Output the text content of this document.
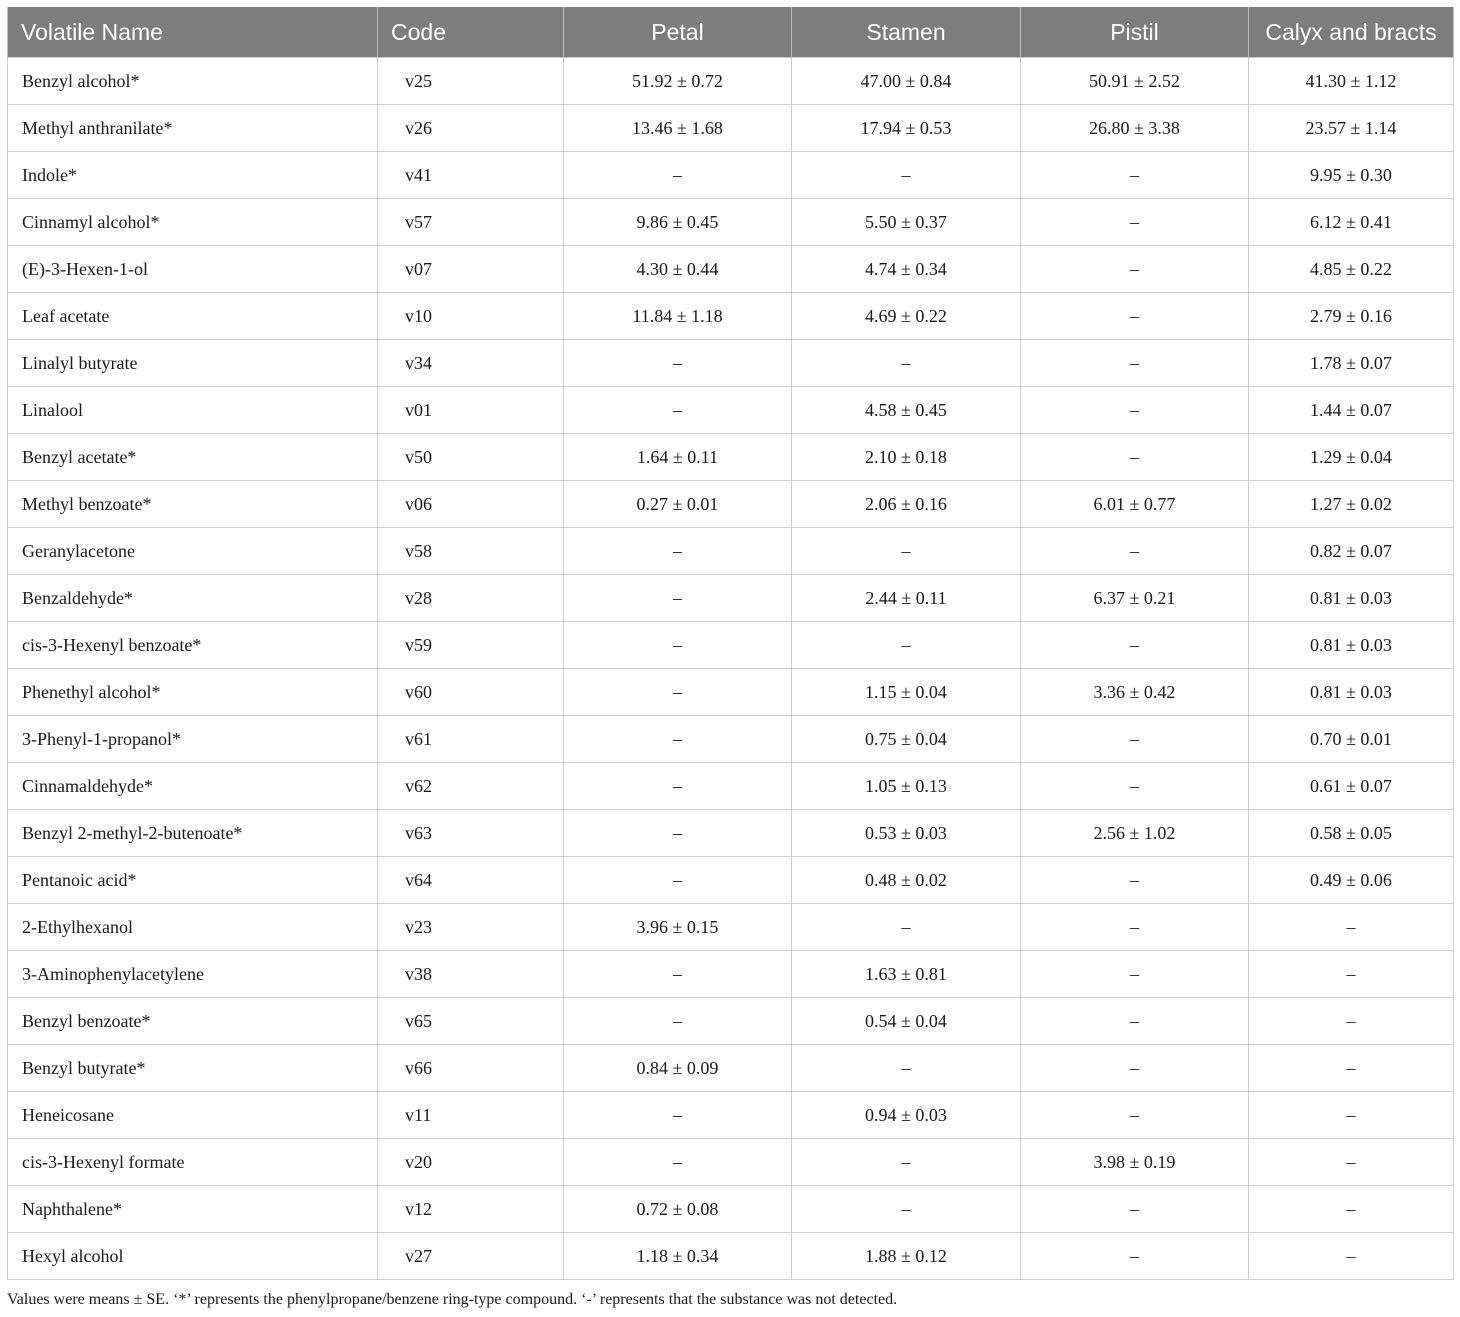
Volatile Name	Code	Petal	Stamen	Pistil	Calyx and bracts
Benzyl alcohol*	v25	51.92 ± 0.72	47.00 ± 0.84	50.91 ± 2.52	41.30 ± 1.12
Methyl anthranilate*	v26	13.46 ± 1.68	17.94 ± 0.53	26.80 ± 3.38	23.57 ± 1.14
Indole*	v41	–	–	–	9.95 ± 0.30
Cinnamyl alcohol*	v57	9.86 ± 0.45	5.50 ± 0.37	–	6.12 ± 0.41
(E)-3-Hexen-1-ol	v07	4.30 ± 0.44	4.74 ± 0.34	–	4.85 ± 0.22
Leaf acetate	v10	11.84 ± 1.18	4.69 ± 0.22	–	2.79 ± 0.16
Linalyl butyrate	v34	–	–	–	1.78 ± 0.07
Linalool	v01	–	4.58 ± 0.45	–	1.44 ± 0.07
Benzyl acetate*	v50	1.64 ± 0.11	2.10 ± 0.18	–	1.29 ± 0.04
Methyl benzoate*	v06	0.27 ± 0.01	2.06 ± 0.16	6.01 ± 0.77	1.27 ± 0.02
Geranylacetone	v58	–	–	–	0.82 ± 0.07
Benzaldehyde*	v28	–	2.44 ± 0.11	6.37 ± 0.21	0.81 ± 0.03
cis-3-Hexenyl benzoate*	v59	–	–	–	0.81 ± 0.03
Phenethyl alcohol*	v60	–	1.15 ± 0.04	3.36 ± 0.42	0.81 ± 0.03
3-Phenyl-1-propanol*	v61	–	0.75 ± 0.04	–	0.70 ± 0.01
Cinnamaldehyde*	v62	–	1.05 ± 0.13	–	0.61 ± 0.07
Benzyl 2-methyl-2-butenoate*	v63	–	0.53 ± 0.03	2.56 ± 1.02	0.58 ± 0.05
Pentanoic acid*	v64	–	0.48 ± 0.02	–	0.49 ± 0.06
2-Ethylhexanol	v23	3.96 ± 0.15	–	–	–
3-Aminophenylacetylene	v38	–	1.63 ± 0.81	–	–
Benzyl benzoate*	v65	–	0.54 ± 0.04	–	–
Benzyl butyrate*	v66	0.84 ± 0.09	–	–	–
Heneicosane	v11	–	0.94 ± 0.03	–	–
cis-3-Hexenyl formate	v20	–	–	3.98 ± 0.19	–
Naphthalene*	v12	0.72 ± 0.08	–	–	–
Hexyl alcohol	v27	1.18 ± 0.34	1.88 ± 0.12	–	–
Values were means ± SE. ‘*’ represents the phenylpropane/benzene ring-type compound. ‘-’ represents that the substance was not detected.
